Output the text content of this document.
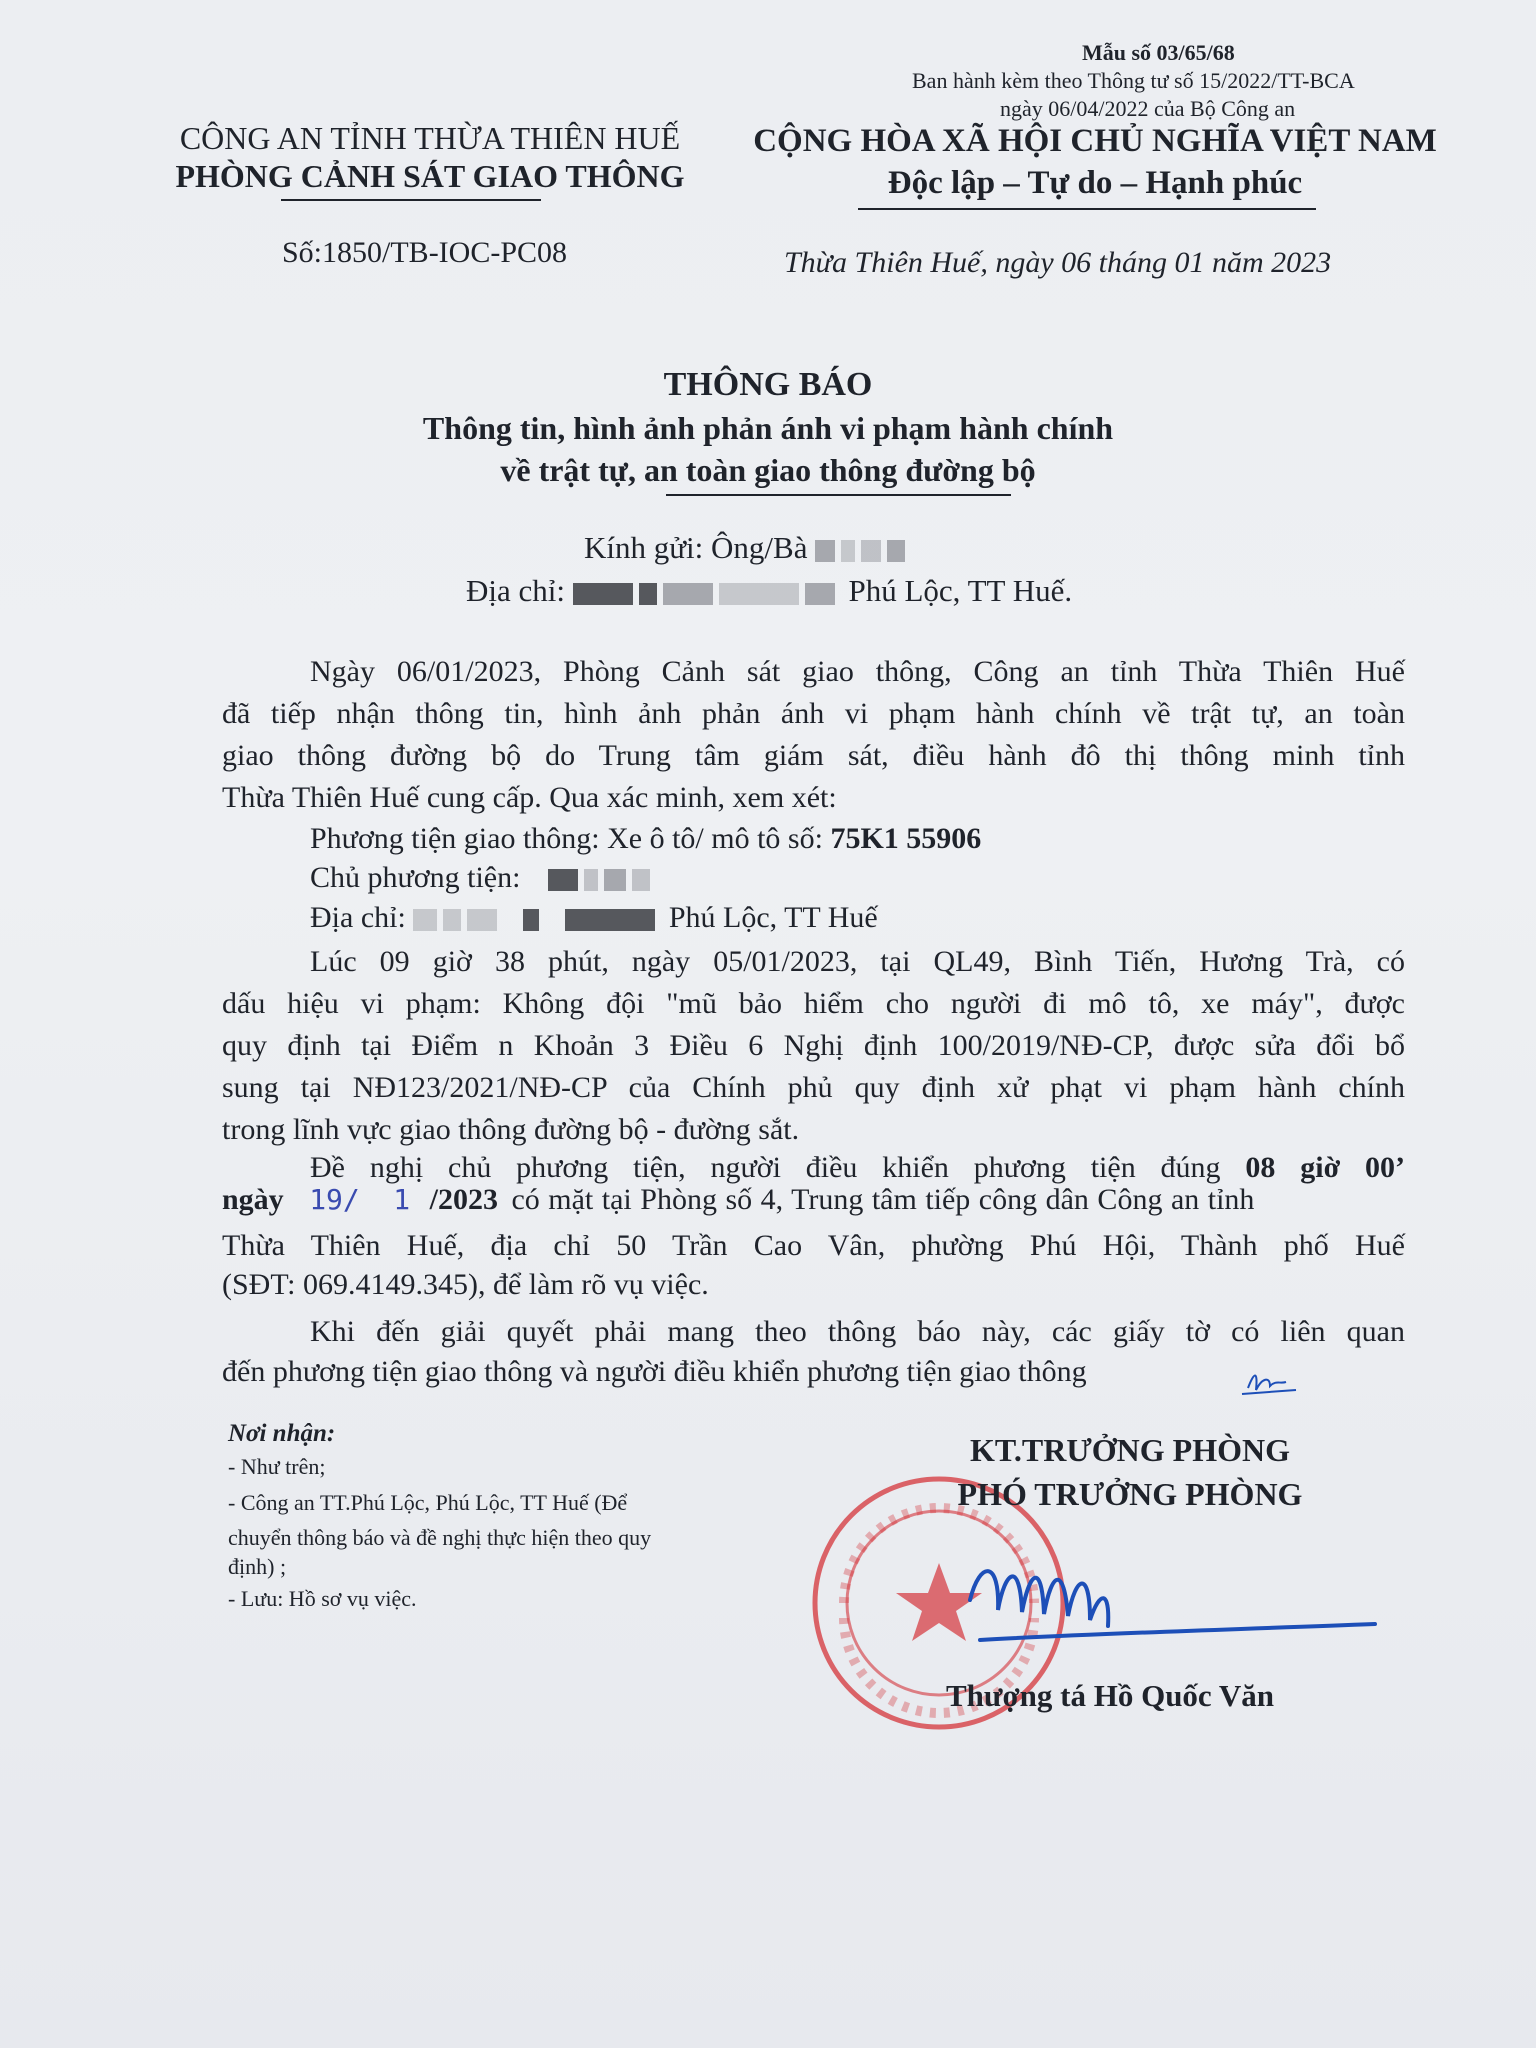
Mẫu số 03/65/68
Ban hành kèm theo Thông tư số 15/2022/TT-BCA
ngày 06/04/2022 của Bộ Công an
CÔNG AN TỈNH THỪA THIÊN HUẾ
PHÒNG CẢNH SÁT GIAO THÔNG
Số:1850/TB-IOC-PC08
CỘNG HÒA XÃ HỘI CHỦ NGHĨA VIỆT NAM
Độc lập – Tự do – Hạnh phúc
Thừa Thiên Huế, ngày 06 tháng 01 năm 2023
THÔNG BÁO
Thông tin, hình ảnh phản ánh vi phạm hành chính
về trật tự, an toàn giao thông đường bộ
Kính gửi: Ông/Bà
Địa chỉ:	Phú Lộc, TT Huế.
Ngày 06/01/2023, Phòng Cảnh sát giao thông, Công an tỉnh Thừa Thiên Huế
đã tiếp nhận thông tin, hình ảnh phản ánh vi phạm hành chính về trật tự, an toàn
giao thông đường bộ do Trung tâm giám sát, điều hành đô thị thông minh tỉnh
Thừa Thiên Huế cung cấp. Qua xác minh, xem xét:
Phương tiện giao thông: Xe ô tô/ mô tô số: 75K1 55906
Chủ phương tiện:
Địa chỉ:	Phú Lộc, TT Huế
Lúc 09 giờ 38 phút, ngày 05/01/2023, tại QL49, Bình Tiến, Hương Trà, có
dấu hiệu vi phạm: Không đội "mũ bảo hiểm cho người đi mô tô, xe máy", được
quy định tại Điểm n Khoản 3 Điều 6 Nghị định 100/2019/NĐ-CP, được sửa đổi bổ
sung tại NĐ123/2021/NĐ-CP của Chính phủ quy định xử phạt vi phạm hành chính
trong lĩnh vực giao thông đường bộ - đường sắt.
Đề nghị chủ phương tiện, người điều khiển phương tiện đúng 08 giờ 00’
ngày 19/ 1 /2023 có mặt tại Phòng số 4, Trung tâm tiếp công dân Công an tỉnh
Thừa Thiên Huế, địa chỉ 50 Trần Cao Vân, phường Phú Hội, Thành phố Huế
(SĐT: 069.4149.345), để làm rõ vụ việc.
Khi đến giải quyết phải mang theo thông báo này, các giấy tờ có liên quan
đến phương tiện giao thông và người điều khiển phương tiện giao thông
Nơi nhận:
- Như trên;
- Công an TT.Phú Lộc, Phú Lộc, TT Huế (Để
chuyển thông báo và đề nghị thực hiện theo quy
định) ;
- Lưu: Hồ sơ vụ việc.
KT.TRƯỞNG PHÒNG
PHÓ TRƯỞNG PHÒNG
Thượng tá Hồ Quốc Văn
